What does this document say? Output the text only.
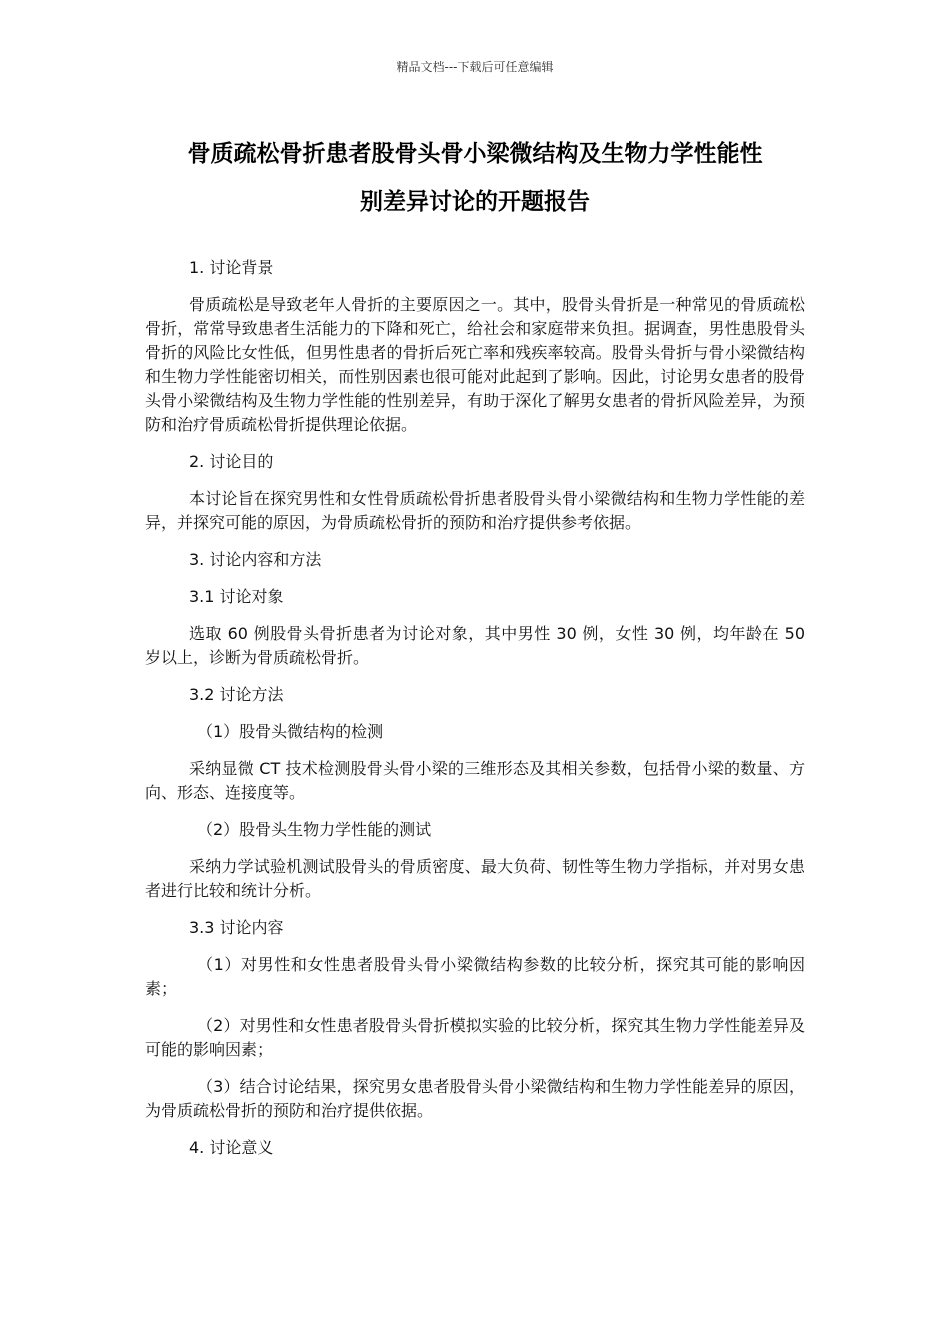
精品文档---下载后可任意编辑
骨质疏松骨折患者股骨头骨小梁微结构及生物力学性能性
别差异讨论的开题报告

1. 讨论背景

骨质疏松是导致老年人骨折的主要原因之一。其中，股骨头骨折是一种常见的骨质疏松骨折，常常导致患者生活能力的下降和死亡，给社会和家庭带来负担。据调查，男性患股骨头骨折的风险比女性低，但男性患者的骨折后死亡率和残疾率较高。股骨头骨折与骨小梁微结构和生物力学性能密切相关，而性别因素也很可能对此起到了影响。因此，讨论男女患者的股骨头骨小梁微结构及生物力学性能的性别差异，有助于深化了解男女患者的骨折风险差异，为预防和治疗骨质疏松骨折提供理论依据。

2. 讨论目的

本讨论旨在探究男性和女性骨质疏松骨折患者股骨头骨小梁微结构和生物力学性能的差异，并探究可能的原因，为骨质疏松骨折的预防和治疗提供参考依据。

3. 讨论内容和方法

3.1 讨论对象

选取 60 例股骨头骨折患者为讨论对象，其中男性 30 例，女性 30 例，均年龄在 50 岁以上，诊断为骨质疏松骨折。

3.2 讨论方法

（1）股骨头微结构的检测

采纳显微 CT 技术检测股骨头骨小梁的三维形态及其相关参数，包括骨小梁的数量、方向、形态、连接度等。

（2）股骨头生物力学性能的测试

采纳力学试验机测试股骨头的骨质密度、最大负荷、韧性等生物力学指标，并对男女患者进行比较和统计分析。

3.3 讨论内容

（1）对男性和女性患者股骨头骨小梁微结构参数的比较分析，探究其可能的影响因素；

（2）对男性和女性患者股骨头骨折模拟实验的比较分析，探究其生物力学性能差异及可能的影响因素；

（3）结合讨论结果，探究男女患者股骨头骨小梁微结构和生物力学性能差异的原因，为骨质疏松骨折的预防和治疗提供依据。

4. 讨论意义
